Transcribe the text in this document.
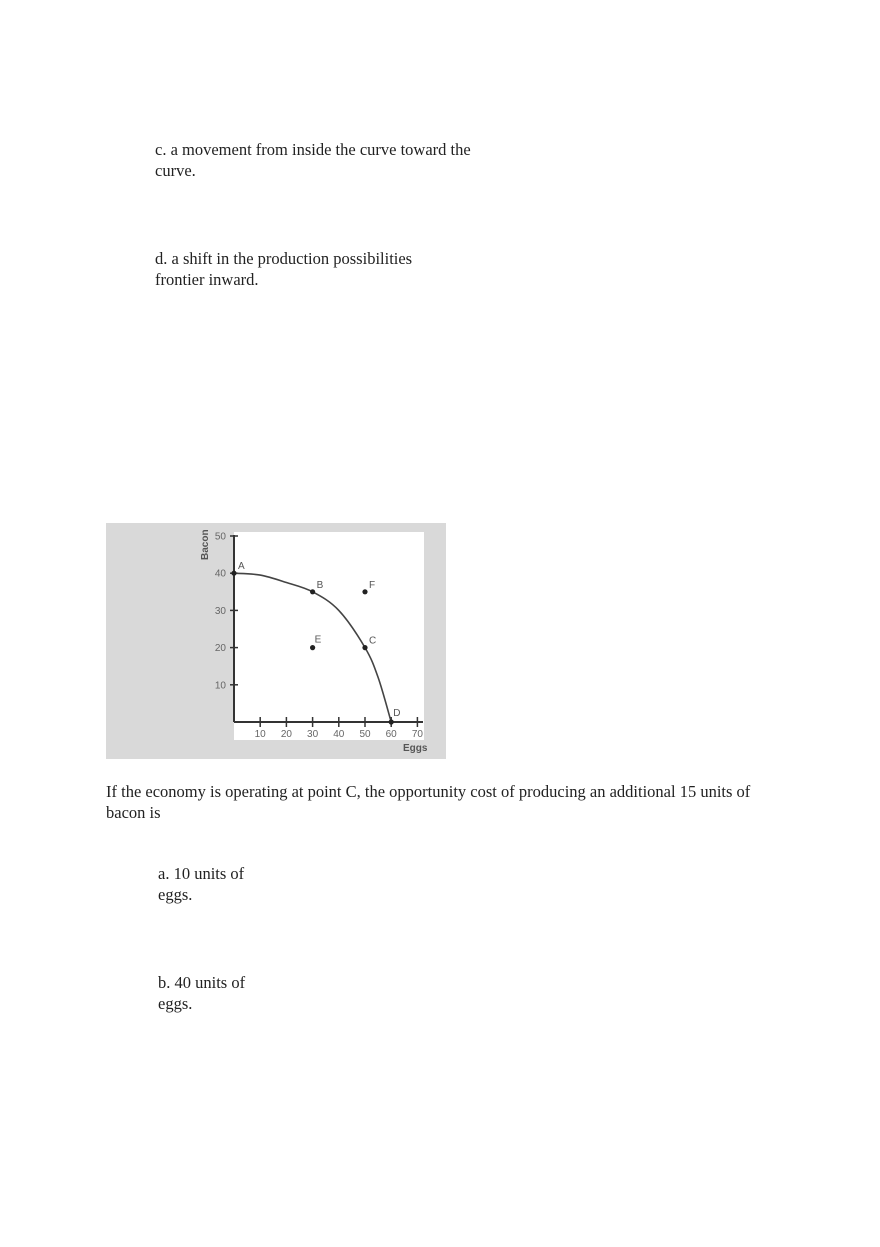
c. a movement from inside the curve toward the curve.

d. a shift in the production possibilities frontier inward.

10
20
30
40
50
10 20 30 40 50 60 70
A
B
C
D
E
F
Bacon
Eggs

If the economy is operating at point C, the opportunity cost of producing an additional 15 units of bacon is

a. 10 units of eggs.

b. 40 units of eggs.
